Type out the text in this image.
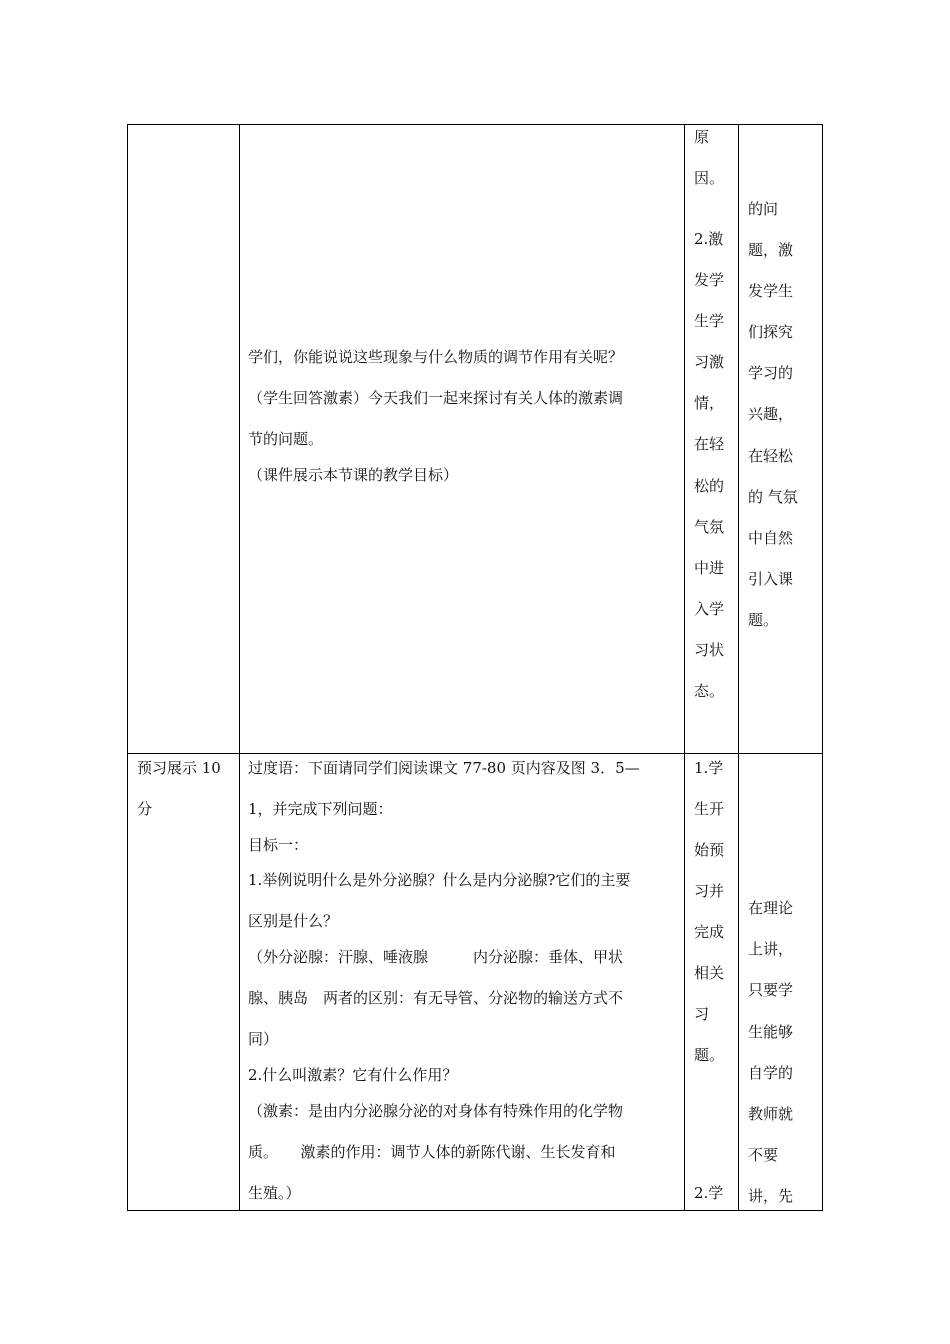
学们，你能说说这些现象与什么物质的调节作用有关呢？
（学生回答激素）今天我们一起来探讨有关人体的激素调
节的问题。
（课件展示本节课的教学目标）
原
因。
2.激
发学
生学
习激
情，
在轻
松的
气氛
中进
入学
习状
态。
的问
题，激
发学生
们探究
学习的
兴趣，
在轻松
的 气氛
中自然
引入课
题。
预习展示 10
分
过度语：下面请同学们阅读课文 77-80 页内容及图 3．5—
1，并完成下列问题：
目标一：
1.举例说明什么是外分泌腺？什么是内分泌腺?它们的主要
区别是什么？
（外分泌腺：汗腺、唾液腺　　　内分泌腺：垂体、甲状
腺、胰岛　两者的区别：有无导管、分泌物的输送方式不
同）
2.什么叫激素？它有什么作用？
（激素：是由内分泌腺分泌的对身体有特殊作用的化学物
质。　　激素的作用：调节人体的新陈代谢、生长发育和
生殖。）
1.学
生开
始预
习并
完成
相关
习
题。
2.学
在理论
上讲，
只要学
生能够
自学的
教师就
不要
讲，先
